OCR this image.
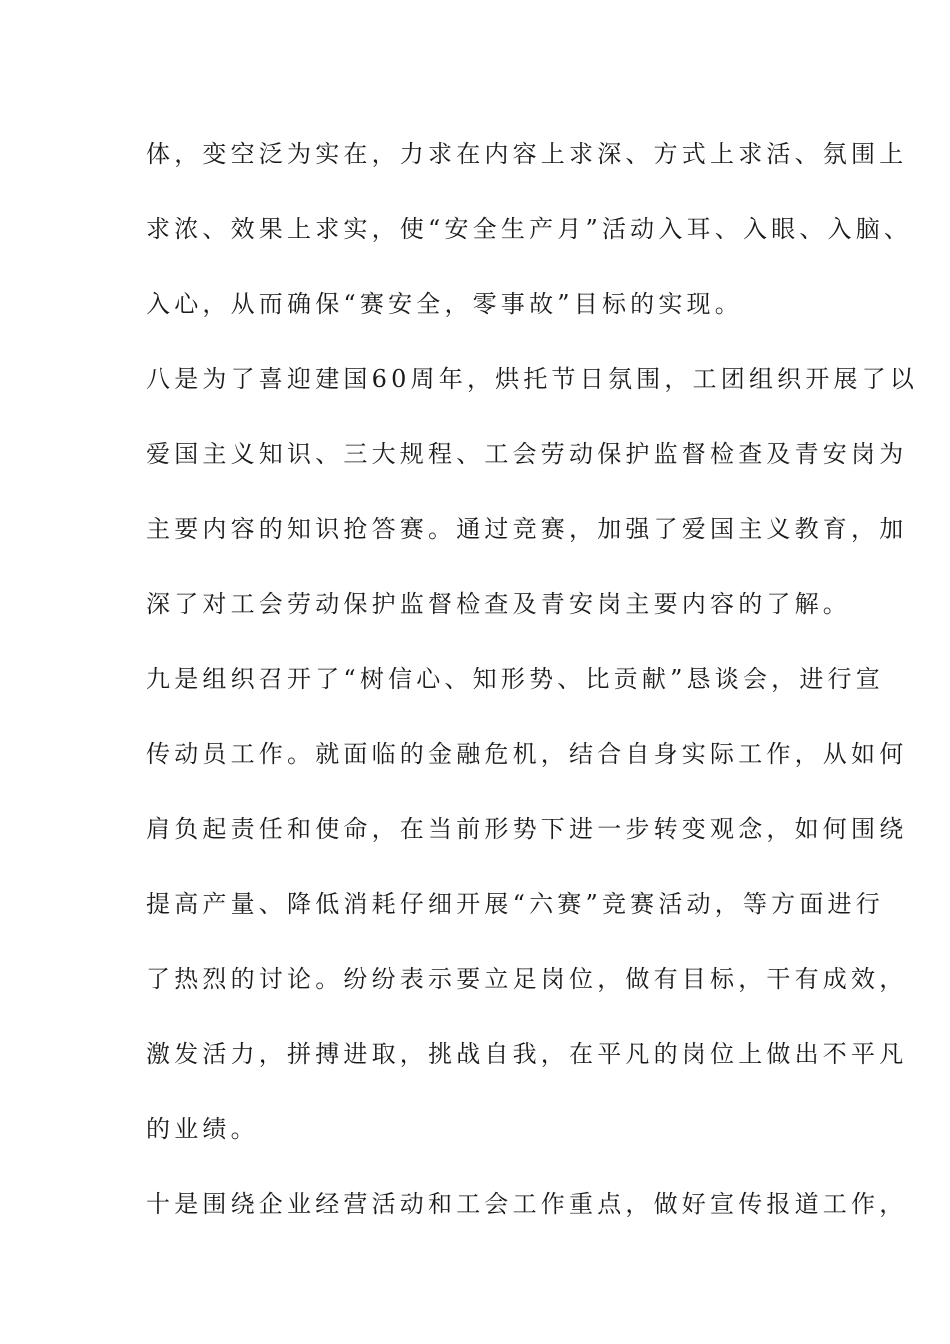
体，变空泛为实在，力求在内容上求深、方式上求活、氛围上
求浓、效果上求实，使“安全生产月”活动入耳、入眼、入脑、
入心，从而确保“赛安全，零事故”目标的实现。
八是为了喜迎建国60周年，烘托节日氛围，工团组织开展了以
爱国主义知识、三大规程、工会劳动保护监督检查及青安岗为
主要内容的知识抢答赛。通过竞赛，加强了爱国主义教育，加
深了对工会劳动保护监督检查及青安岗主要内容的了解。
九是组织召开了“树信心、知形势、比贡献”恳谈会，进行宣
传动员工作。就面临的金融危机，结合自身实际工作，从如何
肩负起责任和使命，在当前形势下进一步转变观念，如何围绕
提高产量、降低消耗仔细开展“六赛”竞赛活动，等方面进行
了热烈的讨论。纷纷表示要立足岗位，做有目标，干有成效，
激发活力，拼搏进取，挑战自我，在平凡的岗位上做出不平凡
的业绩。
十是围绕企业经营活动和工会工作重点，做好宣传报道工作，
